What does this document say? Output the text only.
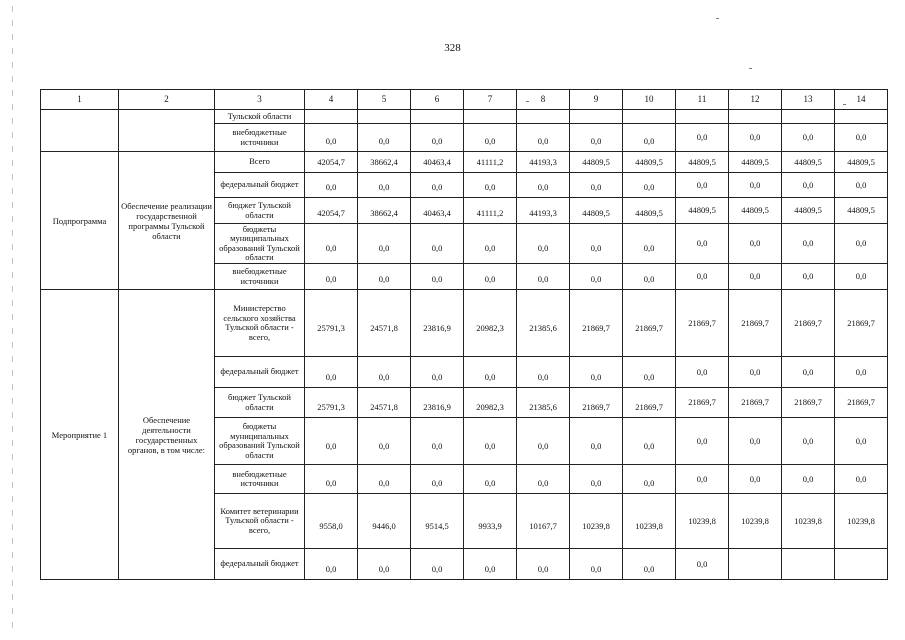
328
1	2	3	4	5	6	7	8	9	10	11	12	13	14
		Тульской области											
		внебюджетные источники	0,0	0,0	0,0	0,0	0,0	0,0	0,0	0,0	0,0	0,0	0,0
Подпрограмма	Обеспечение реализации государственной программы Тульской области	Всего	42054,7	38662,4	40463,4	41111,2	44193,3	44809,5	44809,5	44809,5	44809,5	44809,5	44809,5
		федеральный бюджет	0,0	0,0	0,0	0,0	0,0	0,0	0,0	0,0	0,0	0,0	0,0
		бюджет Тульской области	42054,7	38662,4	40463,4	41111,2	44193,3	44809,5	44809,5	44809,5	44809,5	44809,5	44809,5
		бюджеты муниципальных образований Тульской области	0,0	0,0	0,0	0,0	0,0	0,0	0,0	0,0	0,0	0,0	0,0
		внебюджетные источники	0,0	0,0	0,0	0,0	0,0	0,0	0,0	0,0	0,0	0,0	0,0
Мероприятие 1	Обеспечение деятельности государственных органов, в том числе:	Министерство сельского хозяйства Тульской области - всего,	25791,3	24571,8	23816,9	20982,3	21385,6	21869,7	21869,7	21869,7	21869,7	21869,7	21869,7
		федеральный бюджет	0,0	0,0	0,0	0,0	0,0	0,0	0,0	0,0	0,0	0,0	0,0
		бюджет Тульской области	25791,3	24571,8	23816,9	20982,3	21385,6	21869,7	21869,7	21869,7	21869,7	21869,7	21869,7
		бюджеты муниципальных образований Тульской области	0,0	0,0	0,0	0,0	0,0	0,0	0,0	0,0	0,0	0,0	0,0
		внебюджетные источники	0,0	0,0	0,0	0,0	0,0	0,0	0,0	0,0	0,0	0,0	0,0
		Комитет ветеринарии Тульской области - всего,	9558,0	9446,0	9514,5	9933,9	10167,7	10239,8	10239,8	10239,8	10239,8	10239,8	10239,8
		федеральный бюджет	0,0	0,0	0,0	0,0	0,0	0,0	0,0	0,0			
